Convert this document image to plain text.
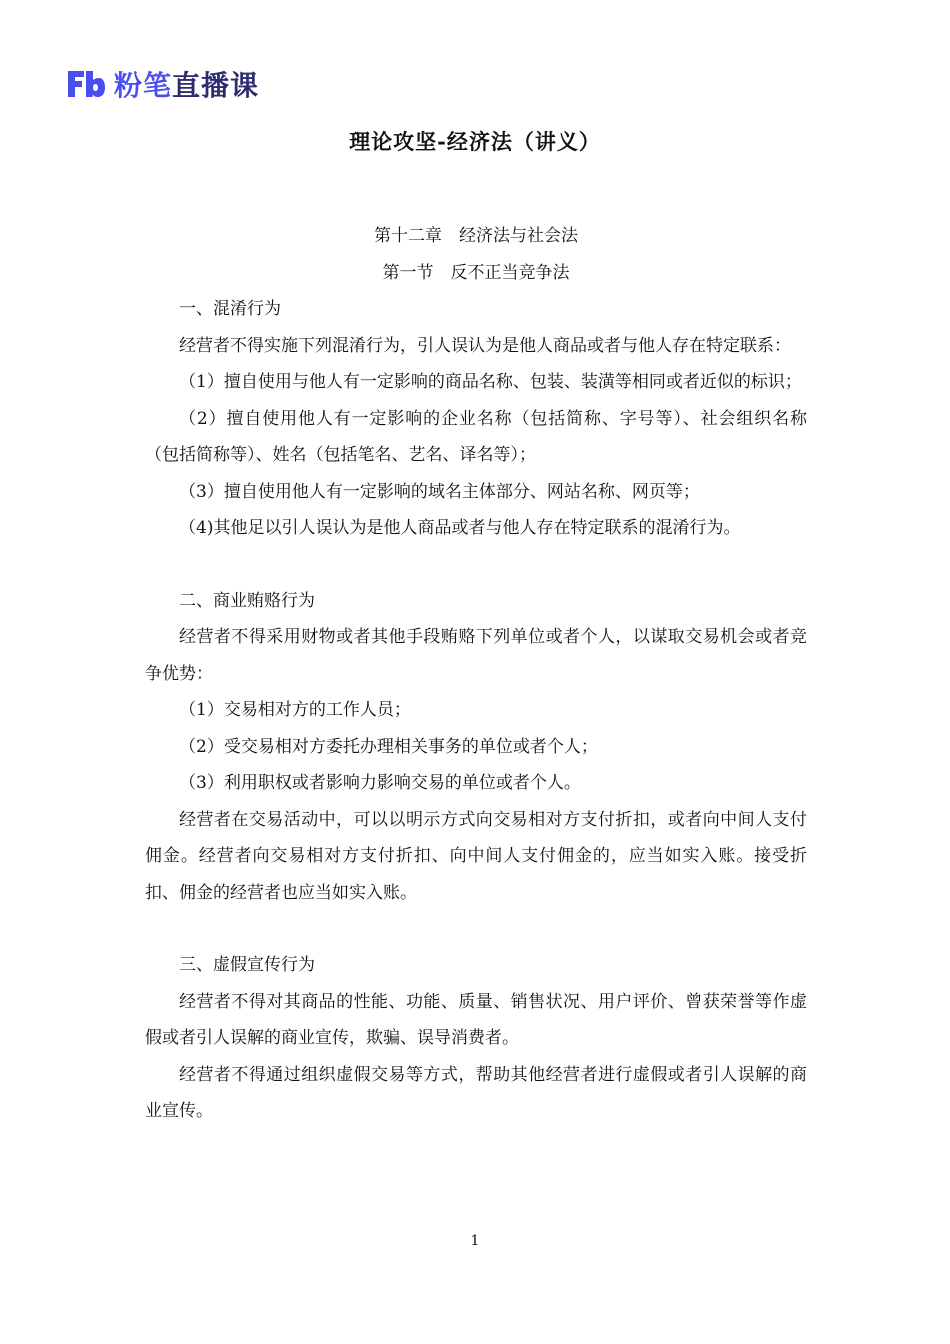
粉笔直播课
理论攻坚-经济法（讲义）
第十二章　经济法与社会法
第一节　反不正当竞争法

一、混淆行为

经营者不得实施下列混淆行为，引人误认为是他人商品或者与他人存在特定联系：

（1）擅自使用与他人有一定影响的商品名称、包装、装潢等相同或者近似的标识；

（2）擅自使用他人有一定影响的企业名称（包括简称、字号等）、社会组织名称（包括简称等）、姓名（包括笔名、艺名、译名等）；

（3）擅自使用他人有一定影响的域名主体部分、网站名称、网页等；

（4)其他足以引人误认为是他人商品或者与他人存在特定联系的混淆行为。

二、商业贿赂行为

经营者不得采用财物或者其他手段贿赂下列单位或者个人，以谋取交易机会或者竞争优势：

（1）交易相对方的工作人员；

（2）受交易相对方委托办理相关事务的单位或者个人；

（3）利用职权或者影响力影响交易的单位或者个人。

经营者在交易活动中，可以以明示方式向交易相对方支付折扣，或者向中间人支付佣金。经营者向交易相对方支付折扣、向中间人支付佣金的，应当如实入账。接受折扣、佣金的经营者也应当如实入账。

三、虚假宣传行为

经营者不得对其商品的性能、功能、质量、销售状况、用户评价、曾获荣誉等作虚假或者引人误解的商业宣传，欺骗、误导消费者。

经营者不得通过组织虚假交易等方式，帮助其他经营者进行虚假或者引人误解的商业宣传。

1
